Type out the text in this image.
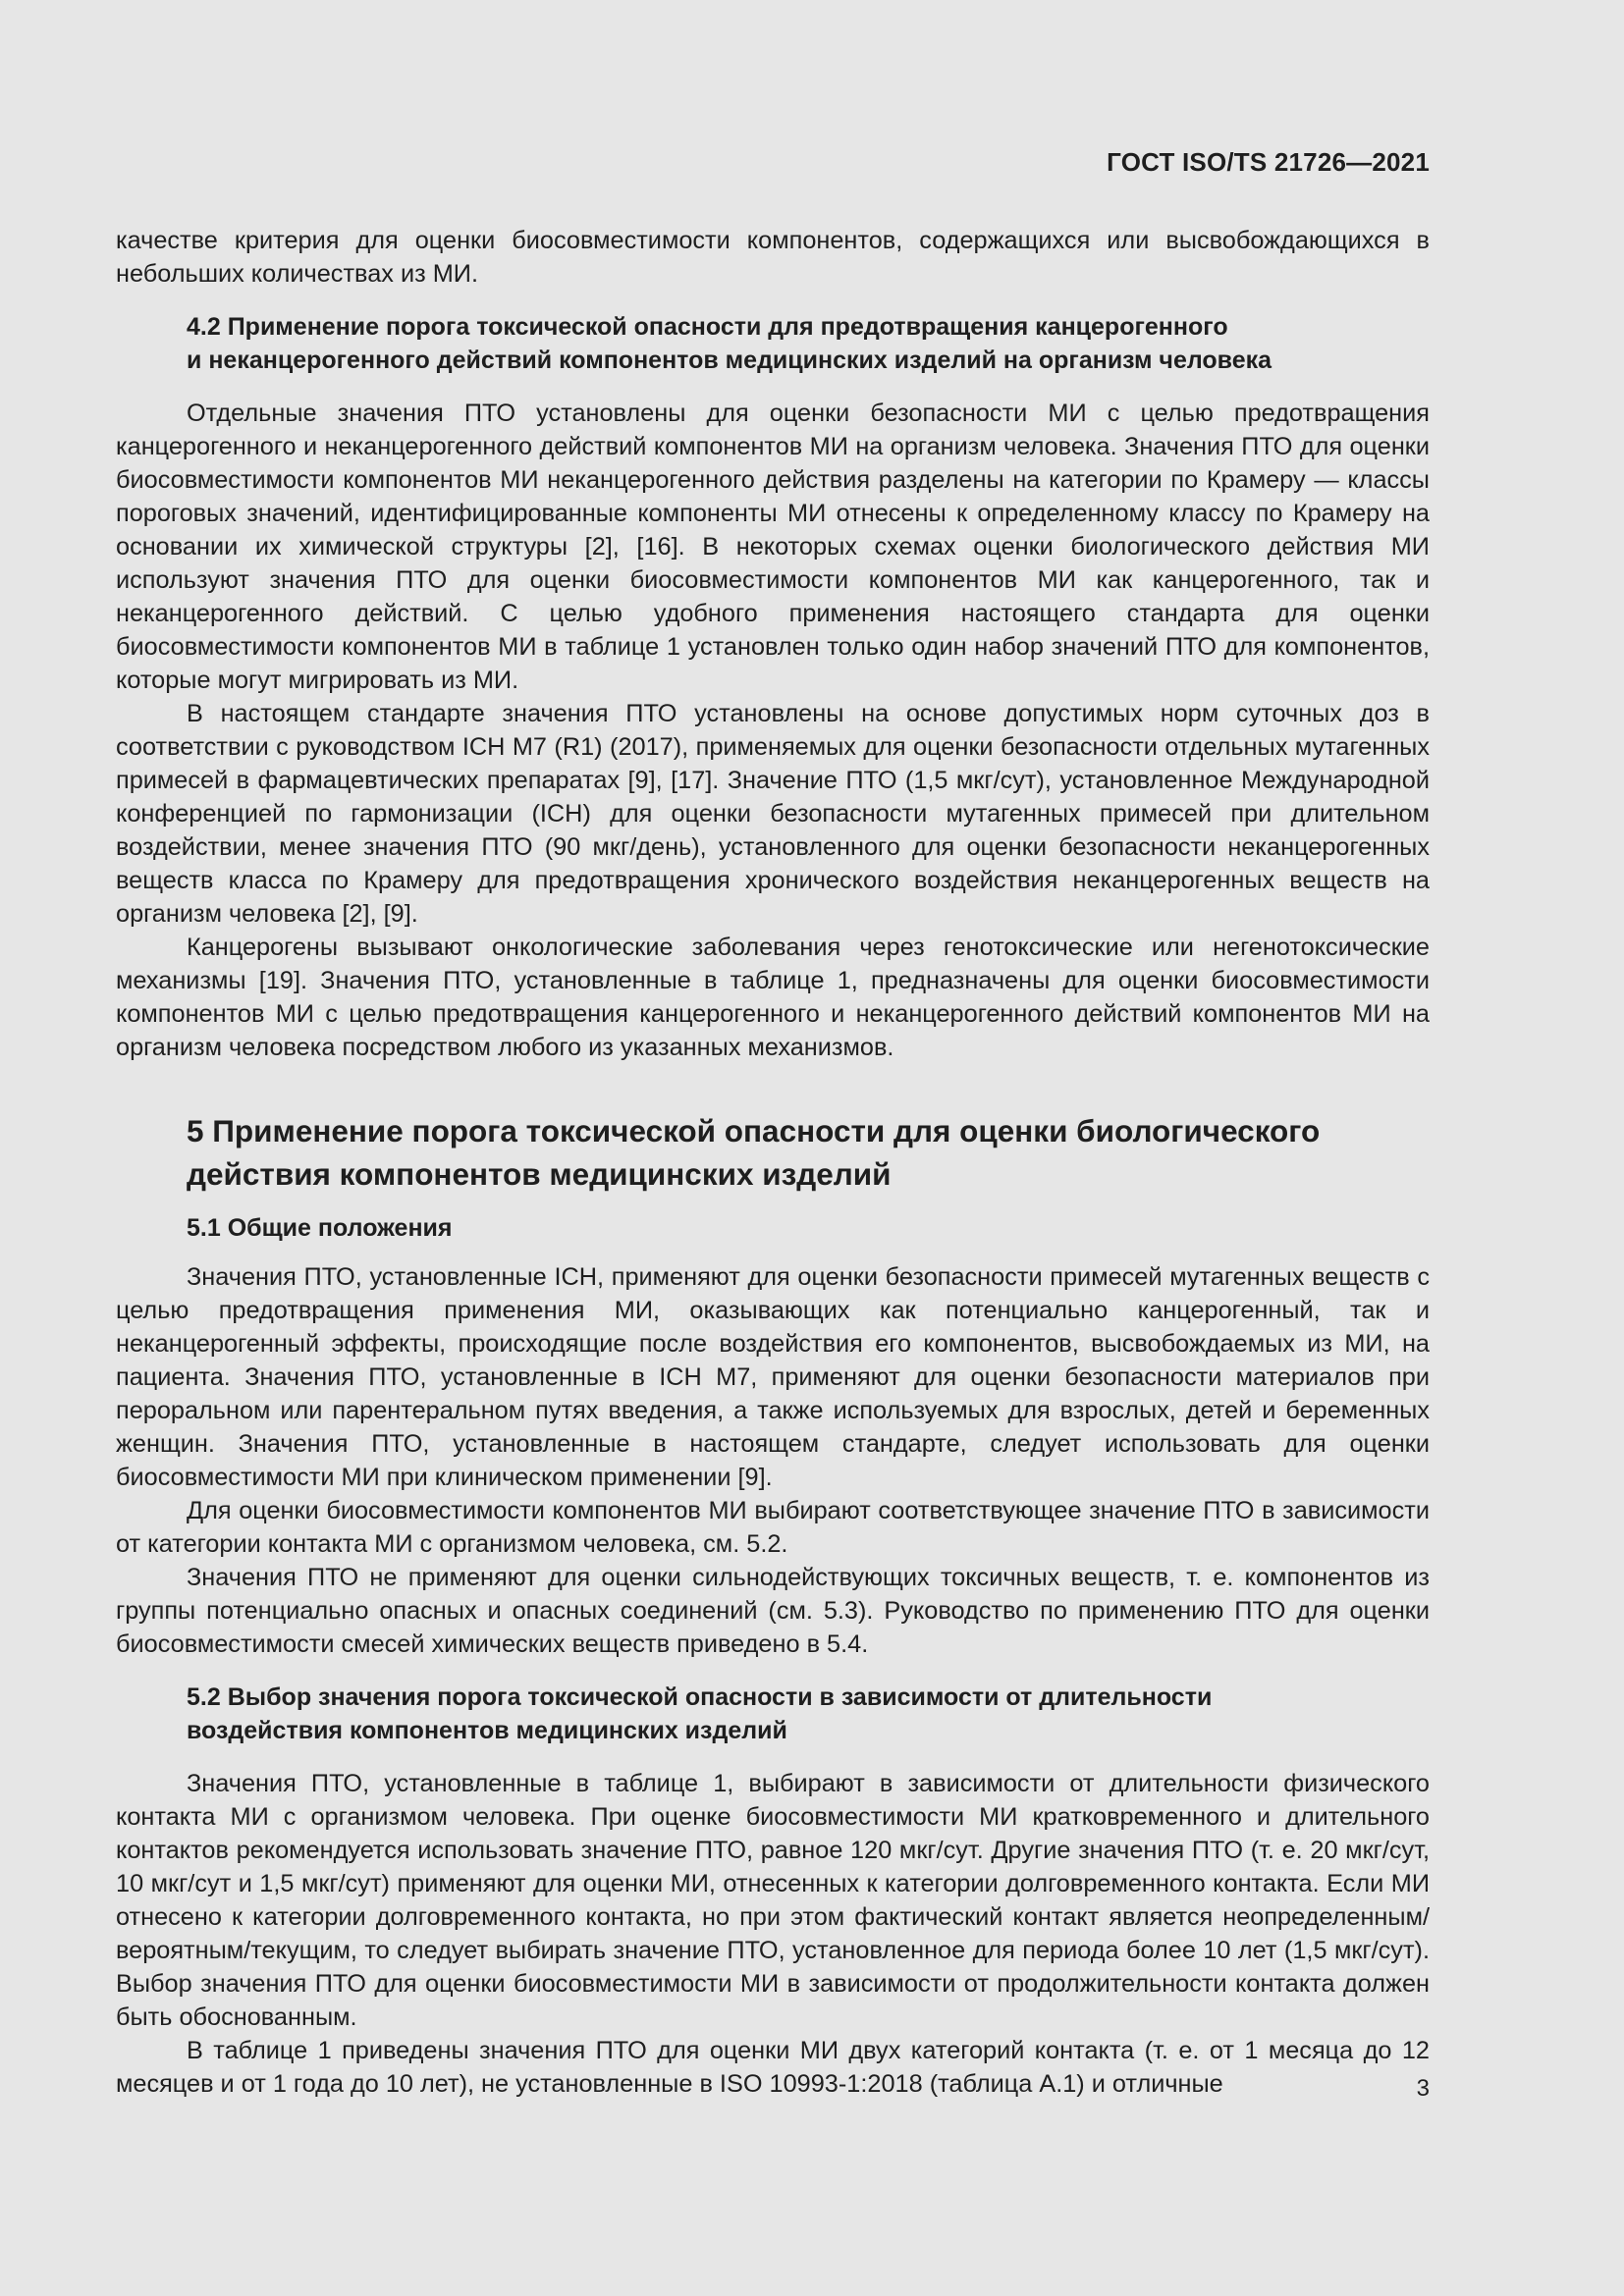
ГОСТ ISO/TS 21726—2021

качестве критерия для оценки биосовместимости компонентов, содержащихся или высвобождающихся в небольших количествах из МИ.

4.2 Применение порога токсической опасности для предотвращения канцерогенного
и неканцерогенного действий компонентов медицинских изделий на организм человека

Отдельные значения ПТО установлены для оценки безопасности МИ с целью предотвращения канцерогенного и неканцерогенного действий компонентов МИ на организм человека. Значения ПТО для оценки биосовместимости компонентов МИ неканцерогенного действия разделены на категории по Крамеру — классы пороговых значений, идентифицированные компоненты МИ отнесены к определенному классу по Крамеру на основании их химической структуры [2], [16]. В некоторых схемах оценки биологического действия МИ используют значения ПТО для оценки биосовместимости компонентов МИ как канцерогенного, так и неканцерогенного действий. С целью удобного применения настоящего стандарта для оценки биосовместимости компонентов МИ в таблице 1 установлен только один набор значений ПТО для компонентов, которые могут мигрировать из МИ.

В настоящем стандарте значения ПТО установлены на основе допустимых норм суточных доз в соответствии с руководством ICH M7 (R1) (2017), применяемых для оценки безопасности отдельных мутагенных примесей в фармацевтических препаратах [9], [17]. Значение ПТО (1,5 мкг/сут), установленное Международной конференцией по гармонизации (ICH) для оценки безопасности мутагенных примесей при длительном воздействии, менее значения ПТО (90 мкг/день), установленного для оценки безопасности неканцерогенных веществ класса по Крамеру для предотвращения хронического воздействия неканцерогенных веществ на организм человека [2], [9].

Канцерогены вызывают онкологические заболевания через генотоксические или негенотоксические механизмы [19]. Значения ПТО, установленные в таблице 1, предназначены для оценки биосовместимости компонентов МИ с целью предотвращения канцерогенного и неканцерогенного действий компонентов МИ на организм человека посредством любого из указанных механизмов.

5 Применение порога токсической опасности для оценки биологического
действия компонентов медицинских изделий
5.1 Общие положения

Значения ПТО, установленные ICH, применяют для оценки безопасности примесей мутагенных веществ с целью предотвращения применения МИ, оказывающих как потенциально канцерогенный, так и неканцерогенный эффекты, происходящие после воздействия его компонентов, высвобождаемых из МИ, на пациента. Значения ПТО, установленные в ICH M7, применяют для оценки безопасности материалов при пероральном или парентеральном путях введения, а также используемых для взрослых, детей и беременных женщин. Значения ПТО, установленные в настоящем стандарте, следует использовать для оценки биосовместимости МИ при клиническом применении [9].

Для оценки биосовместимости компонентов МИ выбирают соответствующее значение ПТО в зависимости от категории контакта МИ с организмом человека, см. 5.2.

Значения ПТО не применяют для оценки сильнодействующих токсичных веществ, т. е. компонентов из группы потенциально опасных и опасных соединений (см. 5.3). Руководство по применению ПТО для оценки биосовместимости смесей химических веществ приведено в 5.4.

5.2 Выбор значения порога токсической опасности в зависимости от длительности
воздействия компонентов медицинских изделий

Значения ПТО, установленные в таблице 1, выбирают в зависимости от длительности физического контакта МИ с организмом человека. При оценке биосовместимости МИ кратковременного и длительного контактов рекомендуется использовать значение ПТО, равное 120 мкг/сут. Другие значения ПТО (т. е. 20 мкг/сут, 10 мкг/сут и 1,5 мкг/сут) применяют для оценки МИ, отнесенных к категории долговременного контакта. Если МИ отнесено к категории долговременного контакта, но при этом фактический контакт является неопределенным/вероятным/текущим, то следует выбирать значение ПТО, установленное для периода более 10 лет (1,5 мкг/сут). Выбор значения ПТО для оценки биосовместимости МИ в зависимости от продолжительности контакта должен быть обоснованным.

В таблице 1 приведены значения ПТО для оценки МИ двух категорий контакта (т. е. от 1 месяца до 12 месяцев и от 1 года до 10 лет), не установленные в ISO 10993-1:2018 (таблица А.1) и отличные	3
